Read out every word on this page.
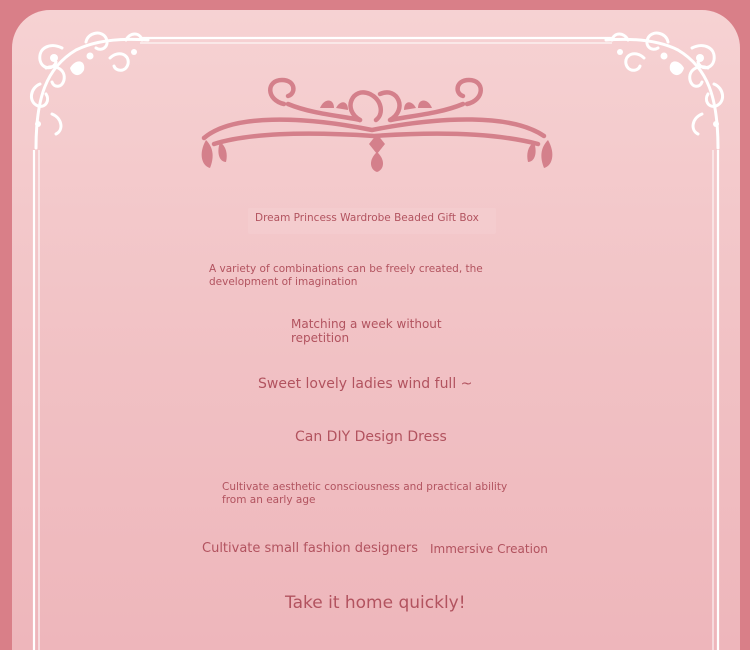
Dream Princess Wardrobe Beaded Gift Box
A variety of combinations can be freely created, the development of imagination
Matching a week without repetition
Sweet lovely ladies wind full ~
Can DIY Design Dress
Cultivate aesthetic consciousness and practical ability from an early age
Cultivate small fashion designers Immersive Creation
Take it home quickly!
